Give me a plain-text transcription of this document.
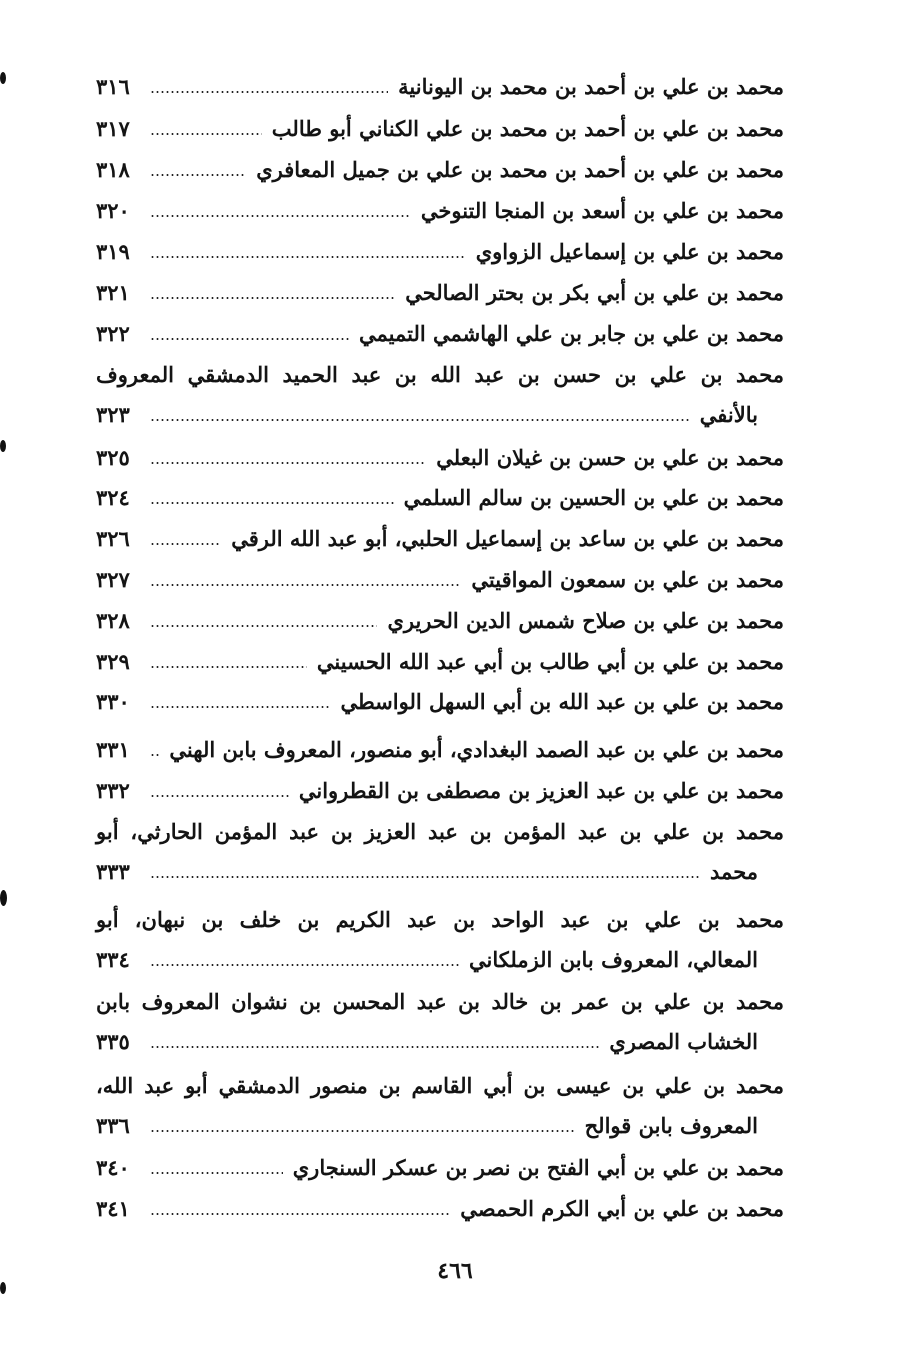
محمد بن علي بن أحمد بن محمد بن اليونانية
٣١٦
محمد بن علي بن أحمد بن محمد بن علي الكناني أبو طالب
٣١٧
محمد بن علي بن أحمد بن محمد بن علي بن جميل المعافري
٣١٨
محمد بن علي بن أسعد بن المنجا التنوخي
٣٢٠
محمد بن علي بن إسماعيل الزواوي
٣١٩
محمد بن علي بن أبي بكر بن بحتر الصالحي
٣٢١
محمد بن علي بن جابر بن علي الهاشمي التميمي
٣٢٢
محمد بن علي بن حسن بن عبد الله بن عبد الحميد الدمشقي المعروف
بالأنفي
٣٢٣
محمد بن علي بن حسن بن غيلان البعلي
٣٢٥
محمد بن علي بن الحسين بن سالم السلمي
٣٢٤
محمد بن علي بن ساعد بن إسماعيل الحلبي، أبو عبد الله الرقي
٣٢٦
محمد بن علي بن سمعون المواقيتي
٣٢٧
محمد بن علي بن صلاح شمس الدين الحريري
٣٢٨
محمد بن علي بن أبي طالب بن أبي عبد الله الحسيني
٣٢٩
محمد بن علي بن عبد الله بن أبي السهل الواسطي
٣٣٠
محمد بن علي بن عبد الصمد البغدادي، أبو منصور، المعروف بابن الهني
٣٣١
محمد بن علي بن عبد العزيز بن مصطفى بن القطرواني
٣٣٢
محمد بن علي بن عبد المؤمن بن عبد العزيز بن عبد المؤمن الحارثي، أبو
محمد
٣٣٣
محمد بن علي بن عبد الواحد بن عبد الكريم بن خلف بن نبهان، أبو
المعالي، المعروف بابن الزملكاني
٣٣٤
محمد بن علي بن عمر بن خالد بن عبد المحسن بن نشوان المعروف بابن
الخشاب المصري
٣٣٥
محمد بن علي بن عيسى بن أبي القاسم بن منصور الدمشقي أبو عبد الله،
المعروف بابن قوالح
٣٣٦
محمد بن علي بن أبي الفتح بن نصر بن عسكر السنجاري
٣٤٠
محمد بن علي بن أبي الكرم الحمصي
٣٤١
٤٦٦
